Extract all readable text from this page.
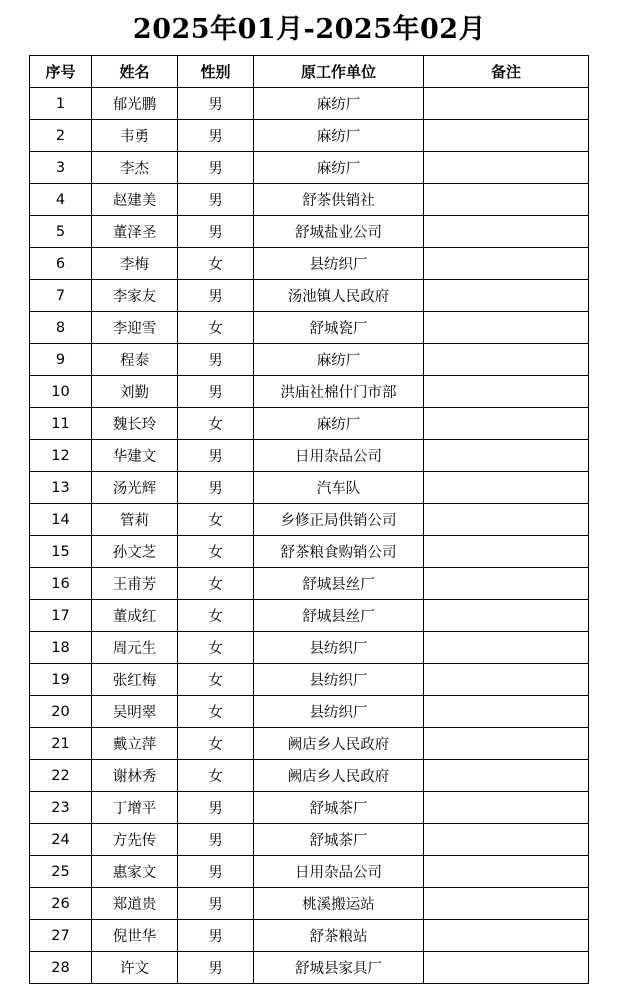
2025年01月-2025年02月
序号	姓名	性别	原工作单位	备注
1	郁光鹏	男	麻纺厂	
2	韦勇	男	麻纺厂	
3	李杰	男	麻纺厂	
4	赵建美	男	舒茶供销社	
5	董泽圣	男	舒城盐业公司	
6	李梅	女	县纺织厂	
7	李家友	男	汤池镇人民政府	
8	李迎雪	女	舒城瓷厂	
9	程泰	男	麻纺厂	
10	刘勤	男	洪庙社棉什门市部	
11	魏长玲	女	麻纺厂	
12	华建文	男	日用杂品公司	
13	汤光辉	男	汽车队	
14	管莉	女	乡修正局供销公司	
15	孙文芝	女	舒茶粮食购销公司	
16	王甫芳	女	舒城县丝厂	
17	董成红	女	舒城县丝厂	
18	周元生	女	县纺织厂	
19	张红梅	女	县纺织厂	
20	吴明翠	女	县纺织厂	
21	戴立萍	女	阙店乡人民政府	
22	谢林秀	女	阙店乡人民政府	
23	丁增平	男	舒城茶厂	
24	方先传	男	舒城茶厂	
25	惠家文	男	日用杂品公司	
26	郑道贵	男	桃溪搬运站	
27	倪世华	男	舒茶粮站	
28	许文	男	舒城县家具厂	
